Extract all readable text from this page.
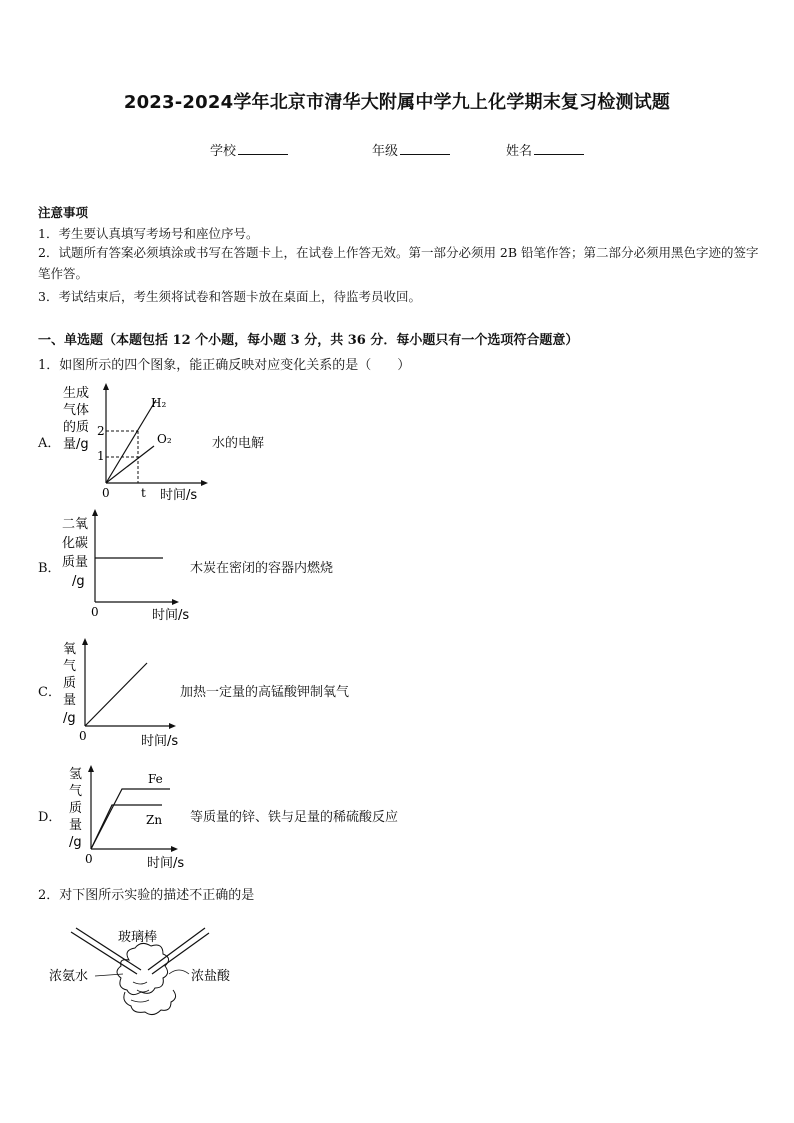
2023-2024学年北京市清华大附属中学九上化学期末复习检测试题
学校	年级	姓名
注意事项
1．考生要认真填写考场号和座位序号。
2．试题所有答案必须填涂或书写在答题卡上，在试卷上作答无效。第一部分必须用 2B 铅笔作答；第二部分必须用黑色字迹的签字笔作答。
3．考试结束后，考生须将试卷和答题卡放在桌面上，待监考员收回。
一、单选题（本题包括 12 个小题，每小题 3 分，共 36 分．每小题只有一个选项符合题意）
1．如图所示的四个图象，能正确反映对应变化关系的是（　　）
A．
生成
气体
的质
量/g
2
1
0	t
H₂
O₂
时间/s
水的电解
B．
二氧
化碳
质量
/g
0	时间/s
木炭在密闭的容器内燃烧
C．
氧
气
质
量
/g
0	时间/s
加热一定量的高锰酸钾制氧气
D．
氢
气
质
量
/g
Fe
Zn
0	时间/s
等质量的锌、铁与足量的稀硫酸反应
2．对下图所示实验的描述不正确的是
玻璃棒
浓氨水	浓盐酸
